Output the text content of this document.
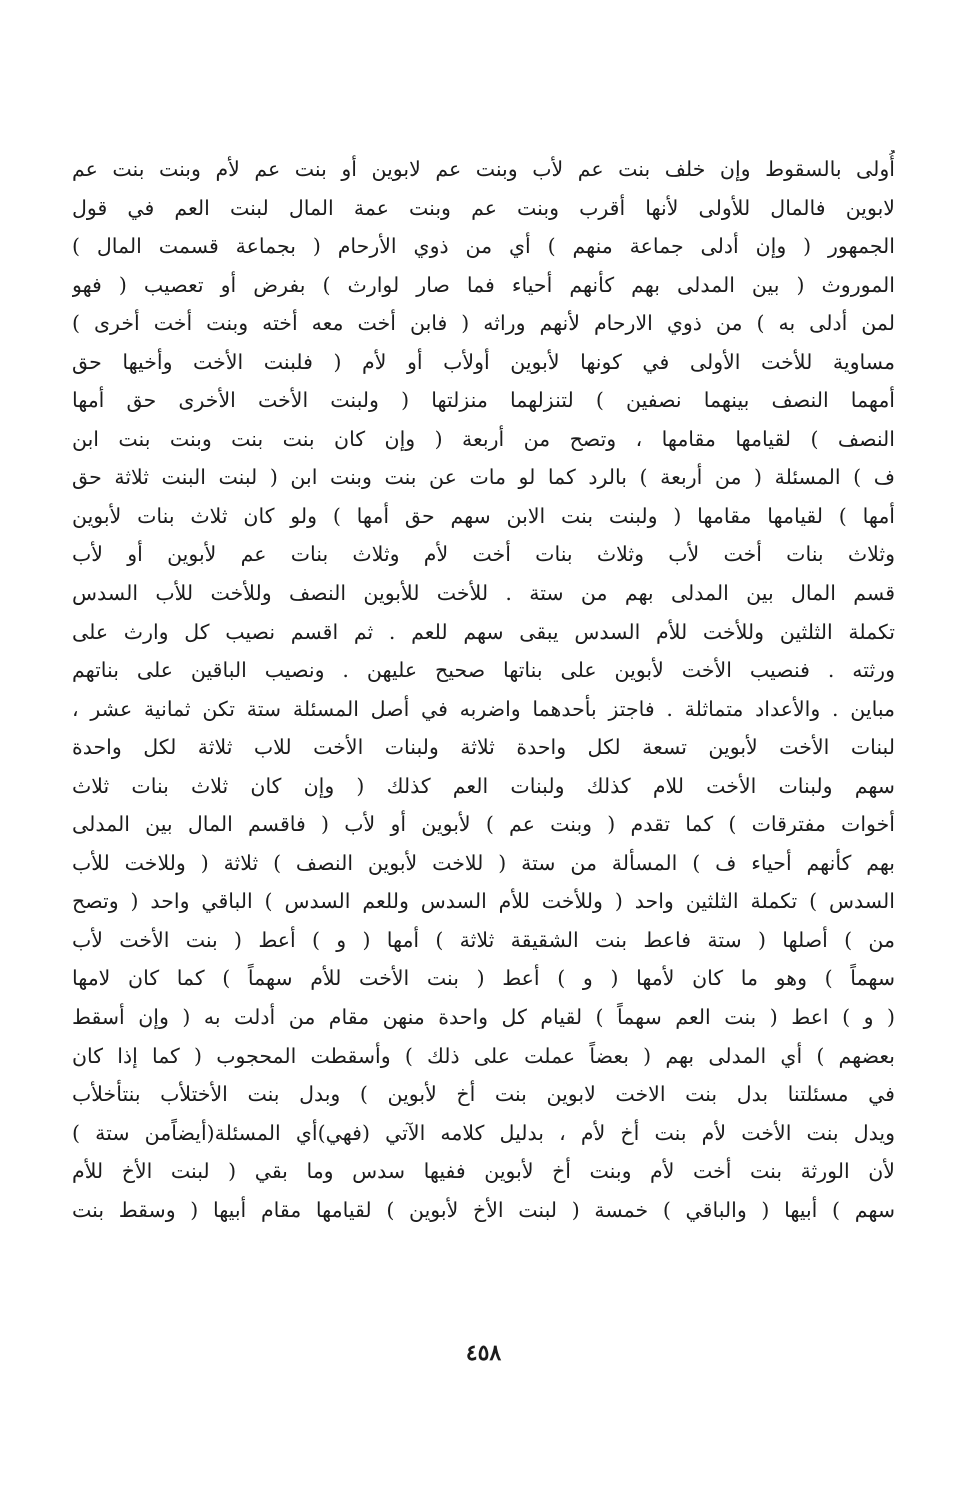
أُولى بالسقوط وإن خلف بنت عم لأب وبنت عم لابوين أو بنت عم لأم وبنت بنت عم
لابوين فالمال للأولى لأنها أقرب وبنت عم وبنت عمة المال لبنت العم في قول
الجمهور ( وإن أدلى جماعة منهم ) أي من ذوي الأرحام ( بجماعة قسمت المال )
الموروث ( بين المدلى بهم كأنهم أحياء فما صار لوارث ) بفرض أو تعصيب ( فهو
لمن أدلى به ) من ذوي الارحام لأنهم وراثه ( فابن أخت معه أخته وبنت أخت أخرى )
مساوية للأخت الأولى في كونها لأبوين أولأب أو لأم ( فلبنت الأخت وأخيها حق
أمهما النصف بينهما نصفين ) لتنزلهما منزلتها ( ولبنت الأخت الأخرى حق أمها
النصف ) لقيامها مقامها ، وتصح من أربعة ( وإن كان بنت بنت وبنت بنت ابن
ف ) المسئلة ( من أربعة ) بالرد كما لو مات عن بنت وبنت ابن ( لبنت البنت ثلاثة حق
أمها ) لقيامها مقامها ( ولبنت بنت الابن سهم حق أمها ) ولو كان ثلاث بنات لأبوين
وثلاث بنات أخت لأب وثلاث بنات أخت لأم وثلاث بنات عم لأبوين أو لأب
قسم المال بين المدلى بهم من ستة . للأخت للأبوين النصف وللأخت للأب السدس
تكملة الثلثين وللأخت للأم السدس يبقى سهم للعم . ثم اقسم نصيب كل وارث على
ورثته . فنصيب الأخت لأبوين على بناتها صحيح عليهن . ونصيب الباقين على بناتهم
مباين . والأعداد متماثلة . فاجتز بأحدهما واضربه في أصل المسئلة ستة تكن ثمانية عشر ،
لبنات الأخت لأبوين تسعة لكل واحدة ثلاثة ولبنات الأخت للاب ثلاثة لكل واحدة
سهم ولبنات الأخت للام كذلك ولبنات العم كذلك ( وإن كان ثلاث بنات ثلاث
أخوات مفترقات ) كما تقدم ( وبنت عم ) لأبوين أو لأب ( فاقسم المال بين المدلى
بهم كأنهم أحياء ف ) المسألة من ستة ( للاخت لأبوين النصف ) ثلاثة ( وللاخت للأب
السدس ) تكملة الثلثين واحد ( وللأخت للأم السدس وللعم السدس ) الباقي واحد ( وتصح
من ) أصلها ( ستة فاعط بنت الشقيقة ثلاثة ) أمها ( و ) أعط ( بنت الأخت لأب
سهماً ) وهو ما كان لأمها ( و ) أعط ( بنت الأخت للأم سهماً ) كما كان لامها
( و ) اعط ( بنت العم سهماً ) لقيام كل واحدة منهن مقام من أدلت به ( وإن أسقط
بعضهم ) أي المدلى بهم ( بعضاً عملت على ذلك ) وأسقطت المحجوب ( كما إذا كان
في مسئلتنا بدل بنت الاخت لابوين بنت أخ لأبوين ) وبدل بنت الأختلأب بنتأخلأب
ويدل بنت الأخت لأم بنت أخ لأم ، بدليل كلامه الآتي (فهي)أي المسئلة(أيضاًمن ستة )
لأن الورثة بنت أخت لأم وبنت أخ لأبوين ففيها سدس وما بقي ( لبنت الأخ للأم
سهم ) أبيها ( والباقي ) خمسة ( لبنت الأخ لأبوين ) لقيامها مقام أبيها ( وسقط بنت
٤٥٨
